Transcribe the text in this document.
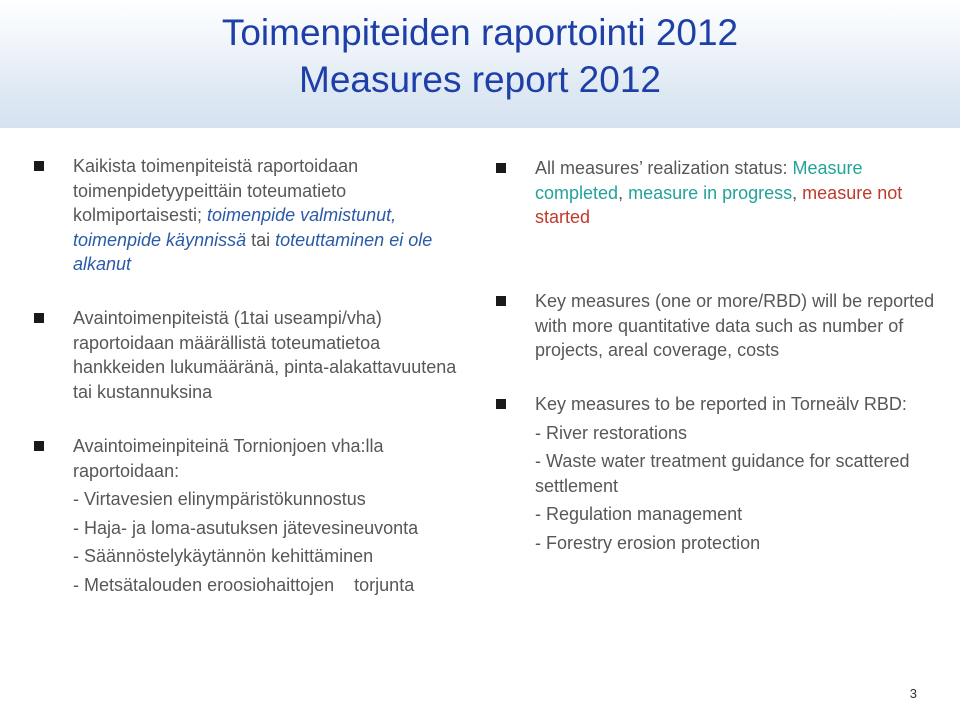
Toimenpiteiden raportointi 2012
Measures report 2012

Kaikista toimenpiteistä raportoidaan toimenpidetyypeittäin toteumatieto kolmiportaisesti; toimenpide valmistunut, toimenpide käynnissä tai toteuttaminen ei ole alkanut

Avaintoimenpiteistä (1tai useampi/vha) raportoidaan määrällistä toteumatietoa hankkeiden lukumääränä, pinta-alakattavuutena tai kustannuksina

Avaintoimeinpiteinä Tornionjoen vha:lla raportoidaan:

- Virtavesien elinympäristökunnostus

- Haja- ja loma-asutuksen jätevesineuvonta

- Säännöstelykäytännön kehittäminen

- Metsätalouden eroosiohaittojen    torjunta

All measures’ realization status: Measure completed, measure in progress, measure not started

Key measures (one or more/RBD) will be reported with more quantitative data such as number of projects, areal coverage, costs

Key measures to be reported in Torneälv RBD:

- River restorations

- Waste water treatment guidance for scattered settlement

- Regulation management

- Forestry erosion protection

3
